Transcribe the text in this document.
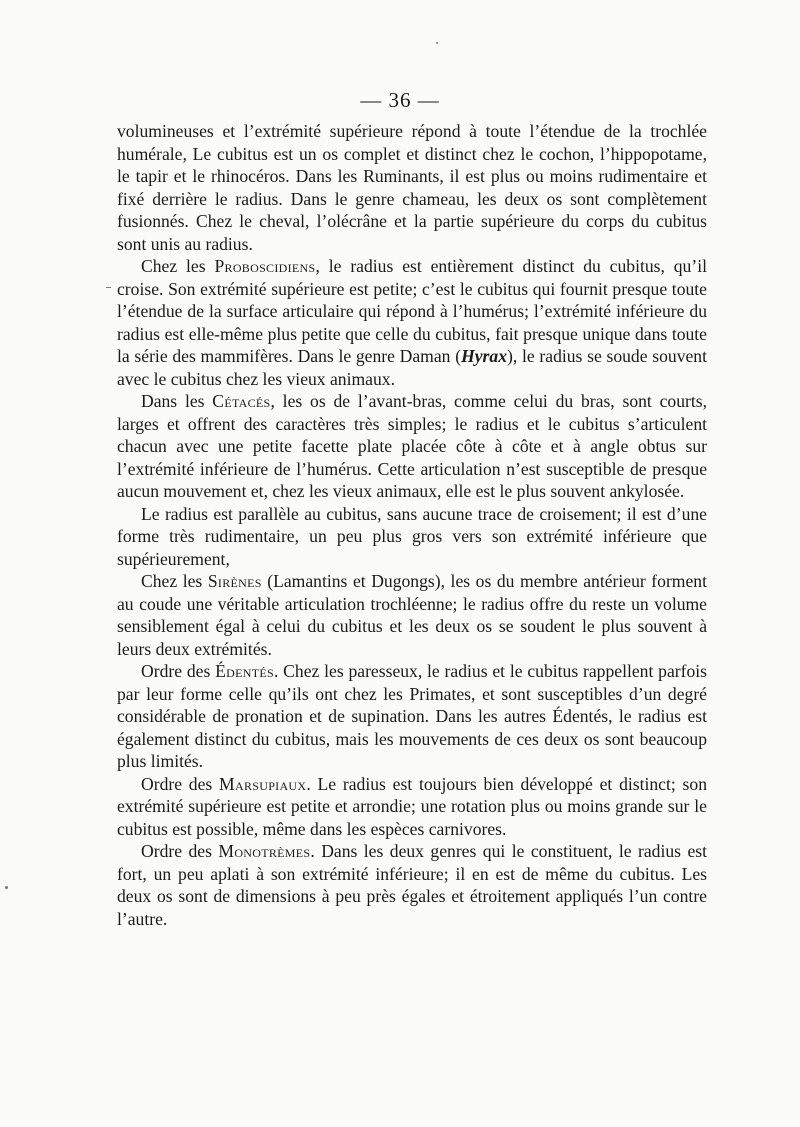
— 36 —

volumineuses et l’extrémité supérieure répond à toute l’étendue de la trochlée humérale, Le cubitus est un os complet et distinct chez le cochon, l’hippopotame, le tapir et le rhinocéros. Dans les Ruminants, il est plus ou moins rudimentaire et fixé derrière le radius. Dans le genre chameau, les deux os sont complètement fusionnés. Chez le cheval, l’olécrâne et la partie supérieure du corps du cubitus sont unis au radius.

Chez les Proboscidiens, le radius est entièrement distinct du cubitus, qu’il croise. Son extrémité supérieure est petite; c’est le cubitus qui fournit presque toute l’étendue de la surface articulaire qui répond à l’humérus; l’extrémité inférieure du radius est elle-même plus petite que celle du cubitus, fait presque unique dans toute la série des mammifères. Dans le genre Daman (Hyrax), le radius se soude souvent avec le cubitus chez les vieux animaux.

Dans les Cétacés, les os de l’avant-bras, comme celui du bras, sont courts, larges et offrent des caractères très simples; le radius et le cubitus s’articulent chacun avec une petite facette plate placée côte à côte et à angle obtus sur l’extrémité inférieure de l’humérus. Cette articulation n’est susceptible de presque aucun mouvement et, chez les vieux animaux, elle est le plus souvent ankylosée.

Le radius est parallèle au cubitus, sans aucune trace de croisement; il est d’une forme très rudimentaire, un peu plus gros vers son extrémité inférieure que supérieurement,

Chez les Sirènes (Lamantins et Dugongs), les os du membre antérieur forment au coude une véritable articulation trochléenne; le radius offre du reste un volume sensiblement égal à celui du cubitus et les deux os se soudent le plus souvent à leurs deux extrémités.

Ordre des Édentés. Chez les paresseux, le radius et le cubitus rappellent parfois par leur forme celle qu’ils ont chez les Primates, et sont susceptibles d’un degré considérable de pronation et de supination. Dans les autres Édentés, le radius est également distinct du cubitus, mais les mouvements de ces deux os sont beaucoup plus limités.

Ordre des Marsupiaux. Le radius est toujours bien développé et distinct; son extrémité supérieure est petite et arrondie; une rotation plus ou moins grande sur le cubitus est possible, même dans les espèces carnivores.

Ordre des Monotrèmes. Dans les deux genres qui le constituent, le radius est fort, un peu aplati à son extrémité inférieure; il en est de même du cubitus. Les deux os sont de dimensions à peu près égales et étroitement appliqués l’un contre l’autre.
